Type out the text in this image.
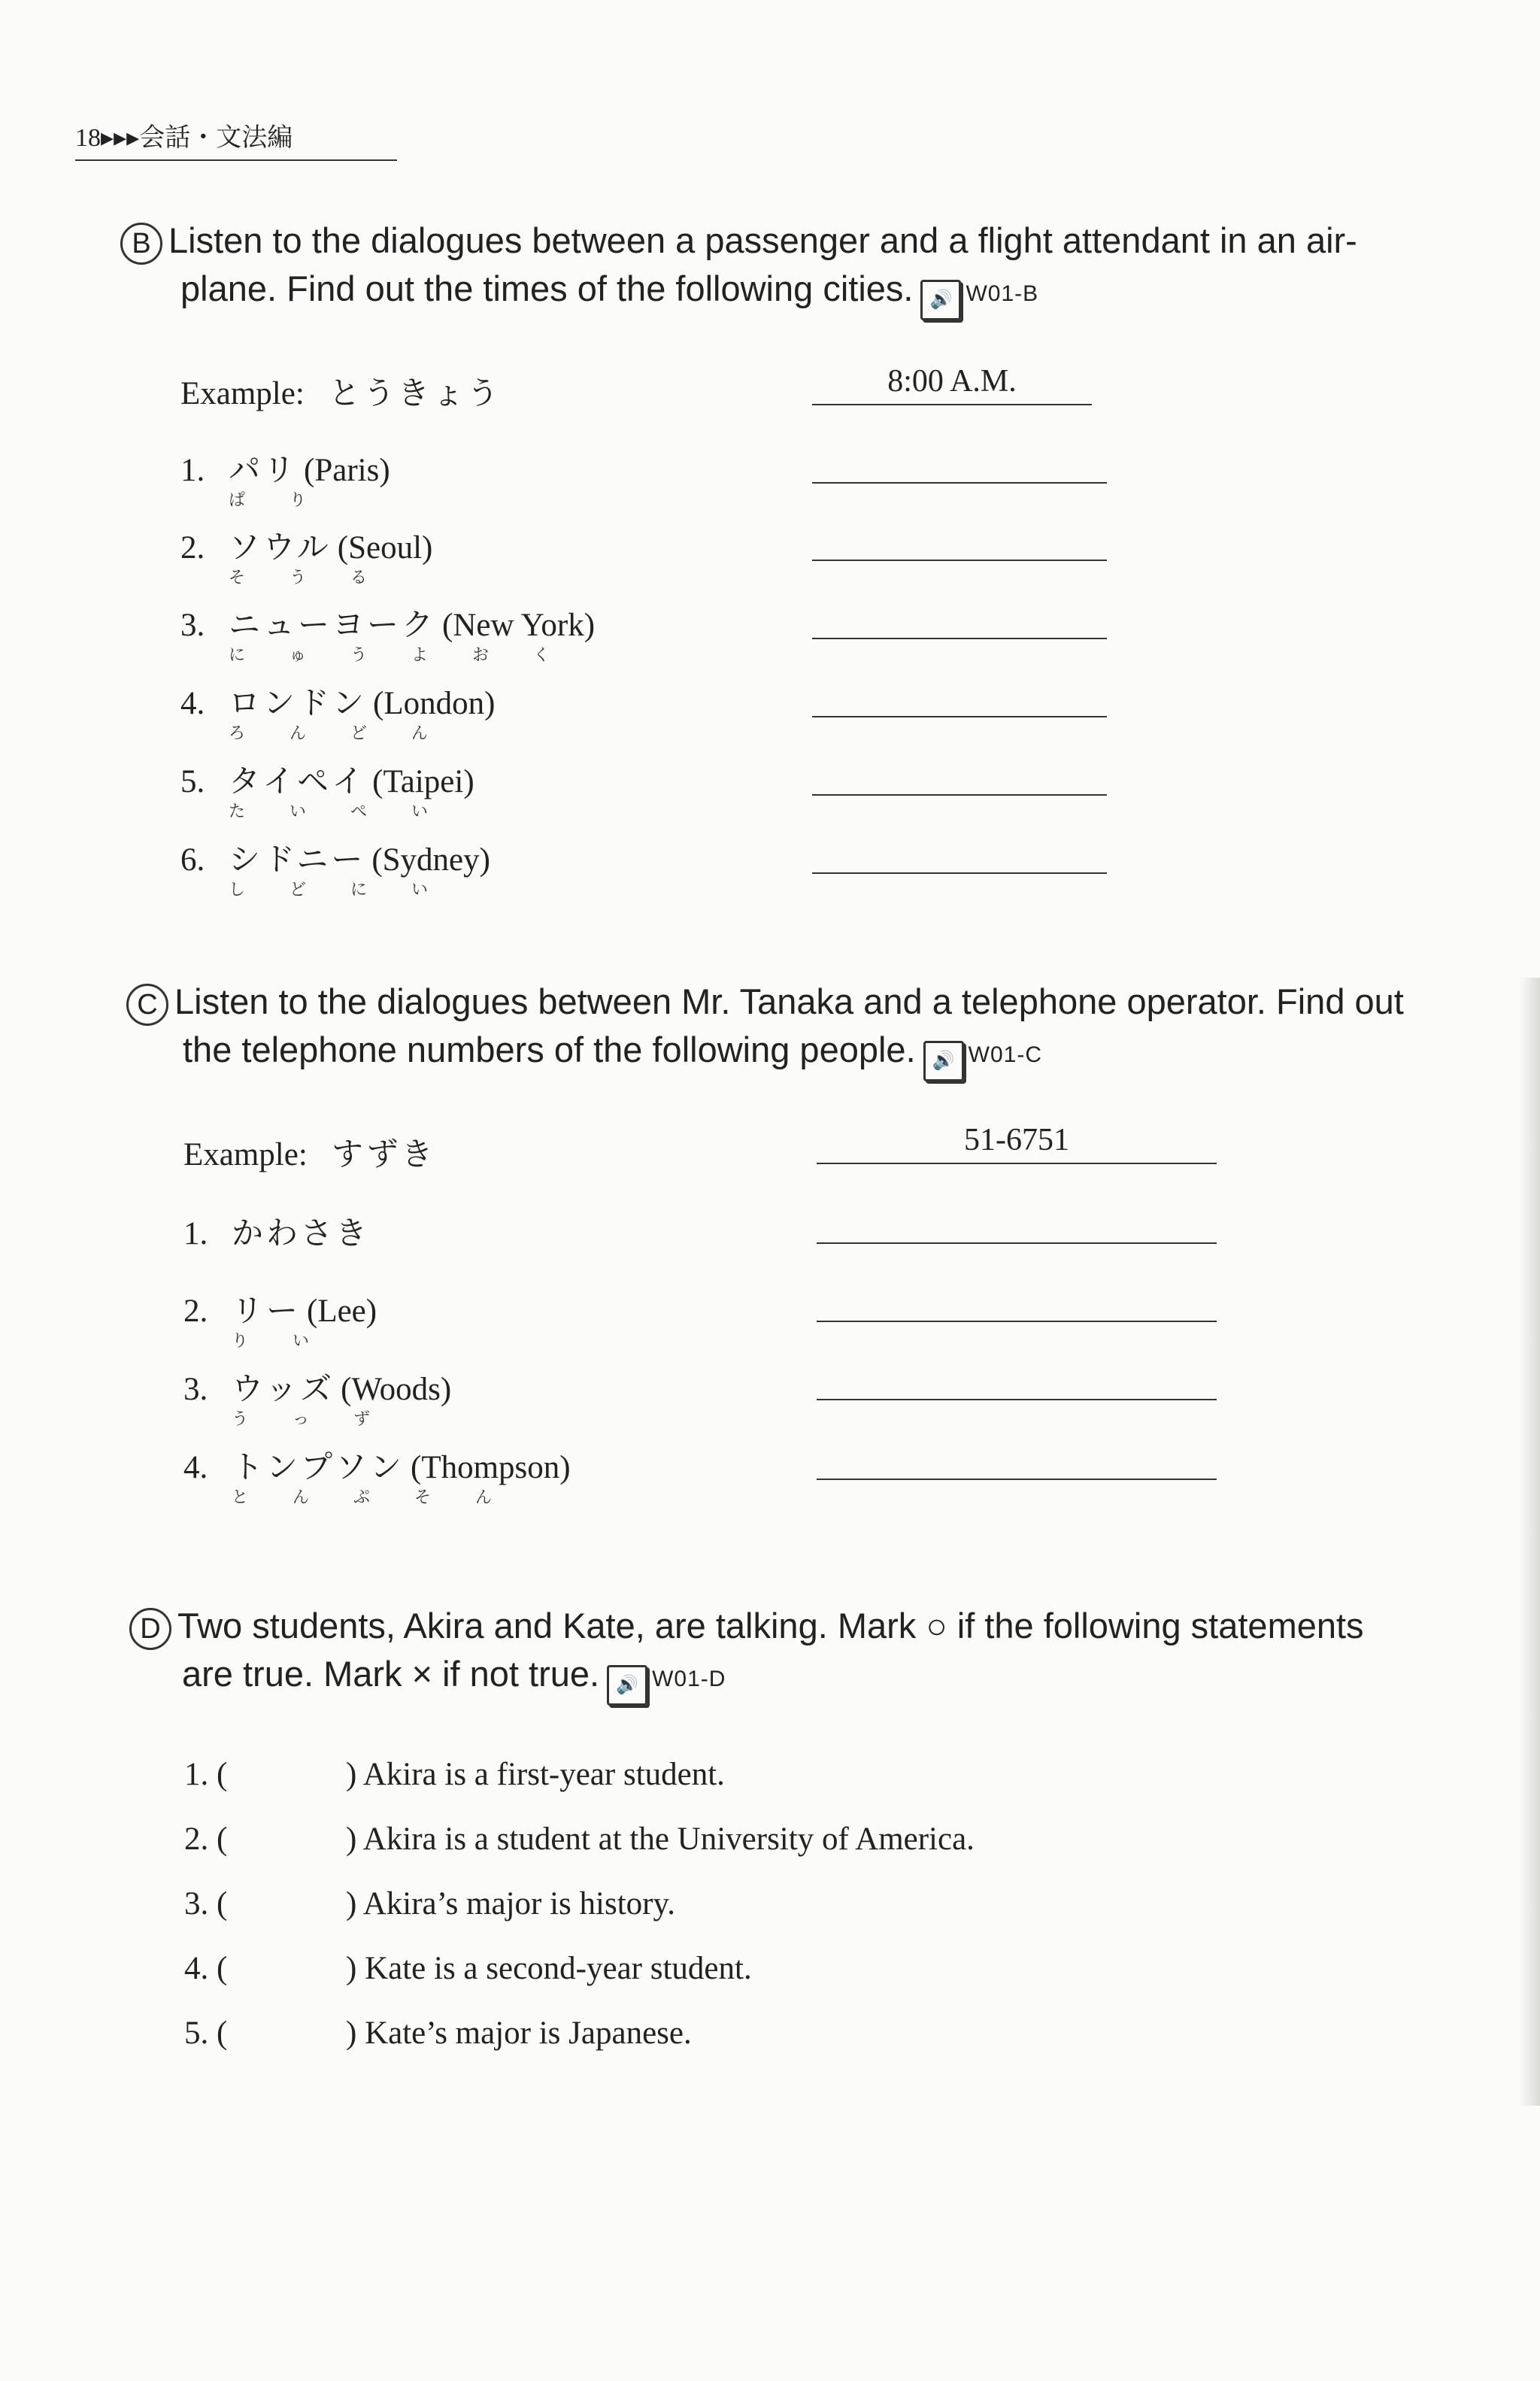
18▸▸▸会話・文法編
B Listen to the dialogues between a passenger and a flight attendant in an air-
plane. Find out the times of the following cities. 🔊 W01-B
Example: とうきょう	8:00 A.M.
1. パリ (Paris)
ぱ り
2. ソウル (Seoul)
そ う る
3. ニューヨーク (New York)
に ゅ う よ お く
4. ロンドン (London)
ろ ん ど ん
5. タイペイ (Taipei)
た い ぺ い
6. シドニー (Sydney)
し ど に い
C Listen to the dialogues between Mr. Tanaka and a telephone operator. Find out
the telephone numbers of the following people. 🔊 W01-C
Example: すずき	51-6751
1. かわさき
2. リー (Lee)
り い
3. ウッズ (Woods)
う っ ず
4. トンプソン (Thompson)
と ん ぷ そ ん
D Two students, Akira and Kate, are talking. Mark ○ if the following statements
are true. Mark × if not true. 🔊 W01-D
1. (	) Akira is a first-year student.
2. (	) Akira is a student at the University of America.
3. (	) Akira’s major is history.
4. (	) Kate is a second-year student.
5. (	) Kate’s major is Japanese.
